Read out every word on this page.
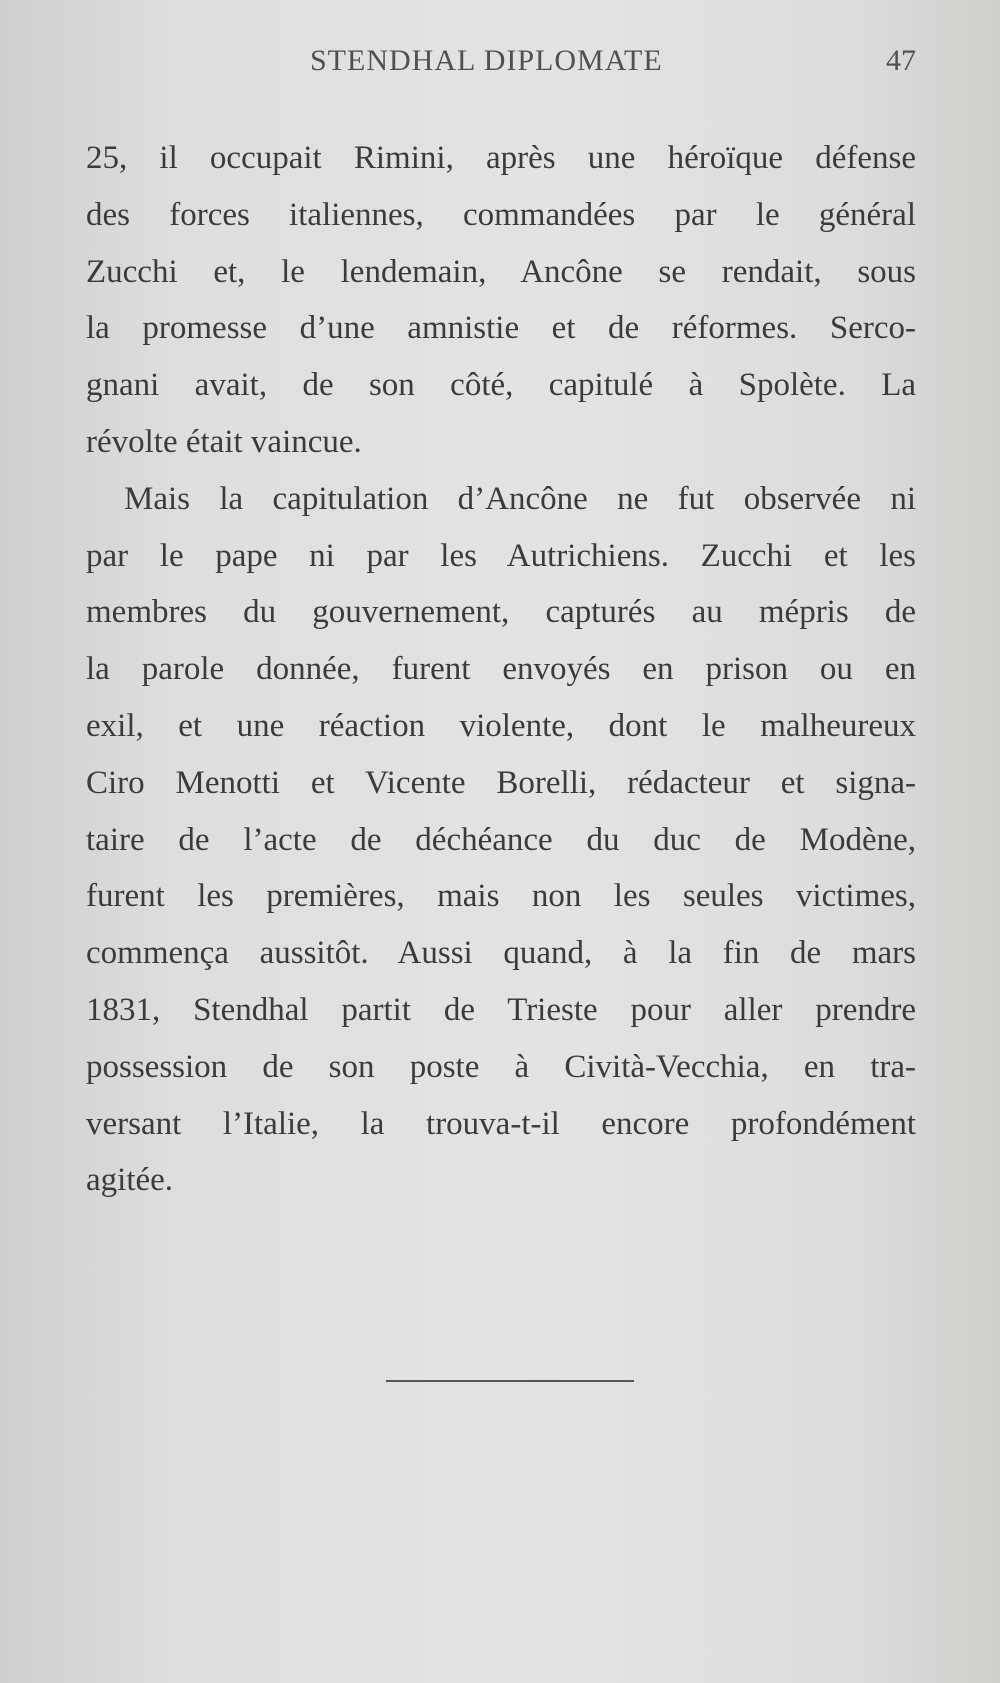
STENDHAL DIPLOMATE	47
25, il occupait Rimini, après une héroïque défense
des forces italiennes, commandées par le général
Zucchi et, le lendemain, Ancône se rendait, sous
la promesse d’une amnistie et de réformes. Serco-
gnani avait, de son côté, capitulé à Spolète. La
révolte était vaincue.
Mais la capitulation d’Ancône ne fut observée ni
par le pape ni par les Autrichiens. Zucchi et les
membres du gouvernement, capturés au mépris de
la parole donnée, furent envoyés en prison ou en
exil, et une réaction violente, dont le malheureux
Ciro Menotti et Vicente Borelli, rédacteur et signa-
taire de l’acte de déchéance du duc de Modène,
furent les premières, mais non les seules victimes,
commença aussitôt. Aussi quand, à la fin de mars
1831, Stendhal partit de Trieste pour aller prendre
possession de son poste à Cività-Vecchia, en tra-
versant l’Italie, la trouva-t-il encore profondément
agitée.
